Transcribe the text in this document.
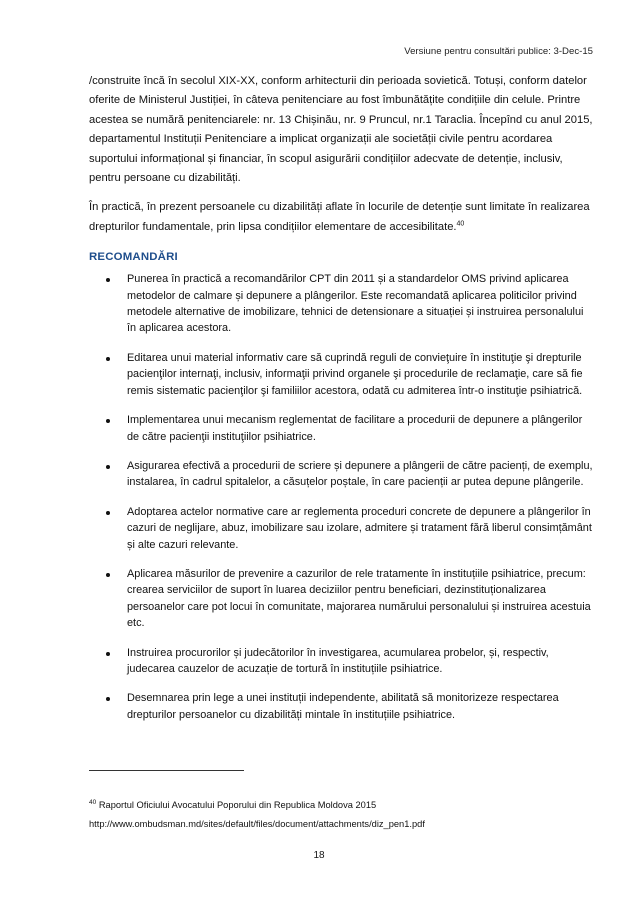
Versiune pentru consultări publice: 3-Dec-15

/construite încă în secolul XIX-XX, conform arhitecturii din perioada sovietică. Totuși, conform datelor oferite de Ministerul Justiției, în câteva penitenciare au fost îmbunătățite condițiile din celule. Printre acestea se numără penitenciarele: nr. 13 Chișinău, nr. 9 Pruncul, nr.1 Taraclia. Începînd cu anul 2015, departamentul Instituții Penitenciare a implicat organizații ale societății civile pentru acordarea suportului informațional și financiar, în scopul asigurării condițiilor adecvate de detenție, inclusiv, pentru persoane cu dizabilități.

În practică, în prezent persoanele cu dizabilități aflate în locurile de detenție sunt limitate în realizarea drepturilor fundamentale, prin lipsa condițiilor elementare de accesibilitate.$^{40}$

RECOMANDĂRI
Punerea în practică a recomandărilor CPT din 2011 și a standardelor OMS privind aplicarea metodelor de calmare și depunere a plângerilor. Este recomandată aplicarea politicilor privind metodele alternative de imobilizare, tehnici de detensionare a situației și instruirea personalului în aplicarea acestora.
Editarea unui material informativ care să cuprindă reguli de convieţuire în instituţie şi drepturile pacienţilor internaţi, inclusiv, informaţii privind organele şi procedurile de reclamaţie, care să fie remis sistematic pacienţilor şi familiilor acestora, odată cu admiterea într-o instituţie psihiatrică.
Implementarea unui mecanism reglementat de facilitare a procedurii de depunere a plângerilor de către pacienţii instituţiilor psihiatrice.
Asigurarea efectivă a procedurii de scriere și depunere a plângerii de către pacienți, de exemplu, instalarea, în cadrul spitalelor, a căsuțelor poștale, în care pacienții ar putea depune plângerile.
Adoptarea actelor normative care ar reglementa proceduri concrete de depunere a plângerilor în cazuri de neglijare, abuz, imobilizare sau izolare, admitere și tratament fără liberul consimțământ și alte cazuri relevante.
Aplicarea măsurilor de prevenire a cazurilor de rele tratamente în instituțiile psihiatrice, precum: crearea serviciilor de suport în luarea deciziilor pentru beneficiari, dezinstituționalizarea persoanelor care pot locui în comunitate, majorarea numărului personalului și instruirea acestuia etc.
Instruirea procurorilor și judecătorilor în investigarea, acumularea probelor, și, respectiv, judecarea cauzelor de acuzație de tortură în instituțiile psihiatrice.
Desemnarea prin lege a unei instituții independente, abilitată să monitorizeze respectarea drepturilor persoanelor cu dizabilități mintale în instituțiile psihiatrice.
$^{40}$ Raportul Oficiului Avocatului Poporului din Republica Moldova 2015
http://www.ombudsman.md/sites/default/files/document/attachments/diz_pen1.pdf
18
